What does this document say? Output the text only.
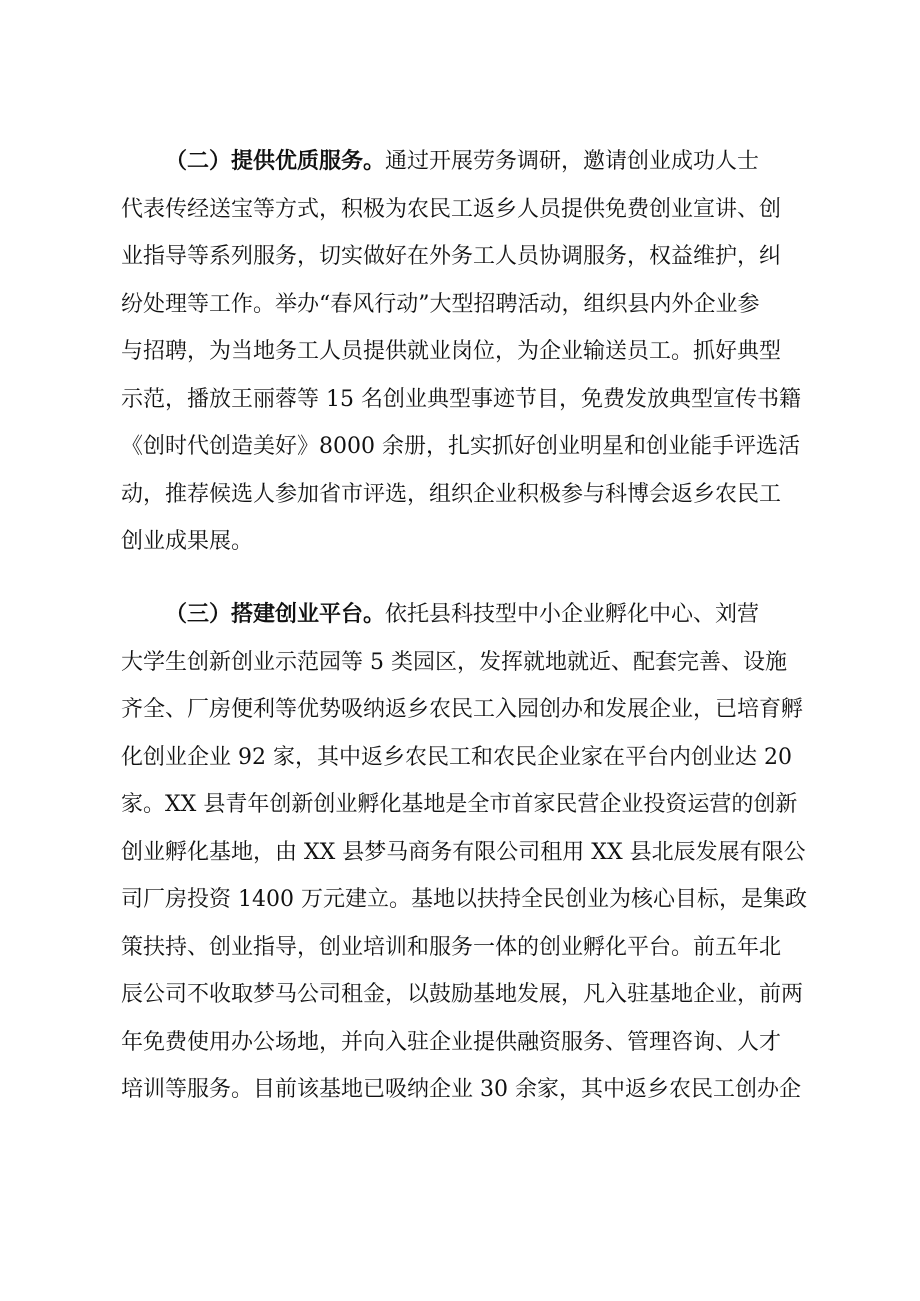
（二）提供优质服务。通过开展劳务调研，邀请创业成功人士
代表传经送宝等方式，积极为农民工返乡人员提供免费创业宣讲、创
业指导等系列服务，切实做好在外务工人员协调服务，权益维护，纠
纷处理等工作。举办“春风行动”大型招聘活动，组织县内外企业参
与招聘，为当地务工人员提供就业岗位，为企业输送员工。抓好典型
示范，播放王丽蓉等 15 名创业典型事迹节目，免费发放典型宣传书籍
《创时代创造美好》8000 余册，扎实抓好创业明星和创业能手评选活
动，推荐候选人参加省市评选，组织企业积极参与科博会返乡农民工
创业成果展。
（三）搭建创业平台。依托县科技型中小企业孵化中心、刘营
大学生创新创业示范园等 5 类园区，发挥就地就近、配套完善、设施
齐全、厂房便利等优势吸纳返乡农民工入园创办和发展企业，已培育孵
化创业企业 92 家，其中返乡农民工和农民企业家在平台内创业达 20
家。XX 县青年创新创业孵化基地是全市首家民营企业投资运营的创新
创业孵化基地，由 XX 县梦马商务有限公司租用 XX 县北辰发展有限公
司厂房投资 1400 万元建立。基地以扶持全民创业为核心目标，是集政
策扶持、创业指导，创业培训和服务一体的创业孵化平台。前五年北
辰公司不收取梦马公司租金，以鼓励基地发展，凡入驻基地企业，前两
年免费使用办公场地，并向入驻企业提供融资服务、管理咨询、人才
培训等服务。目前该基地已吸纳企业 30 余家，其中返乡农民工创办企
